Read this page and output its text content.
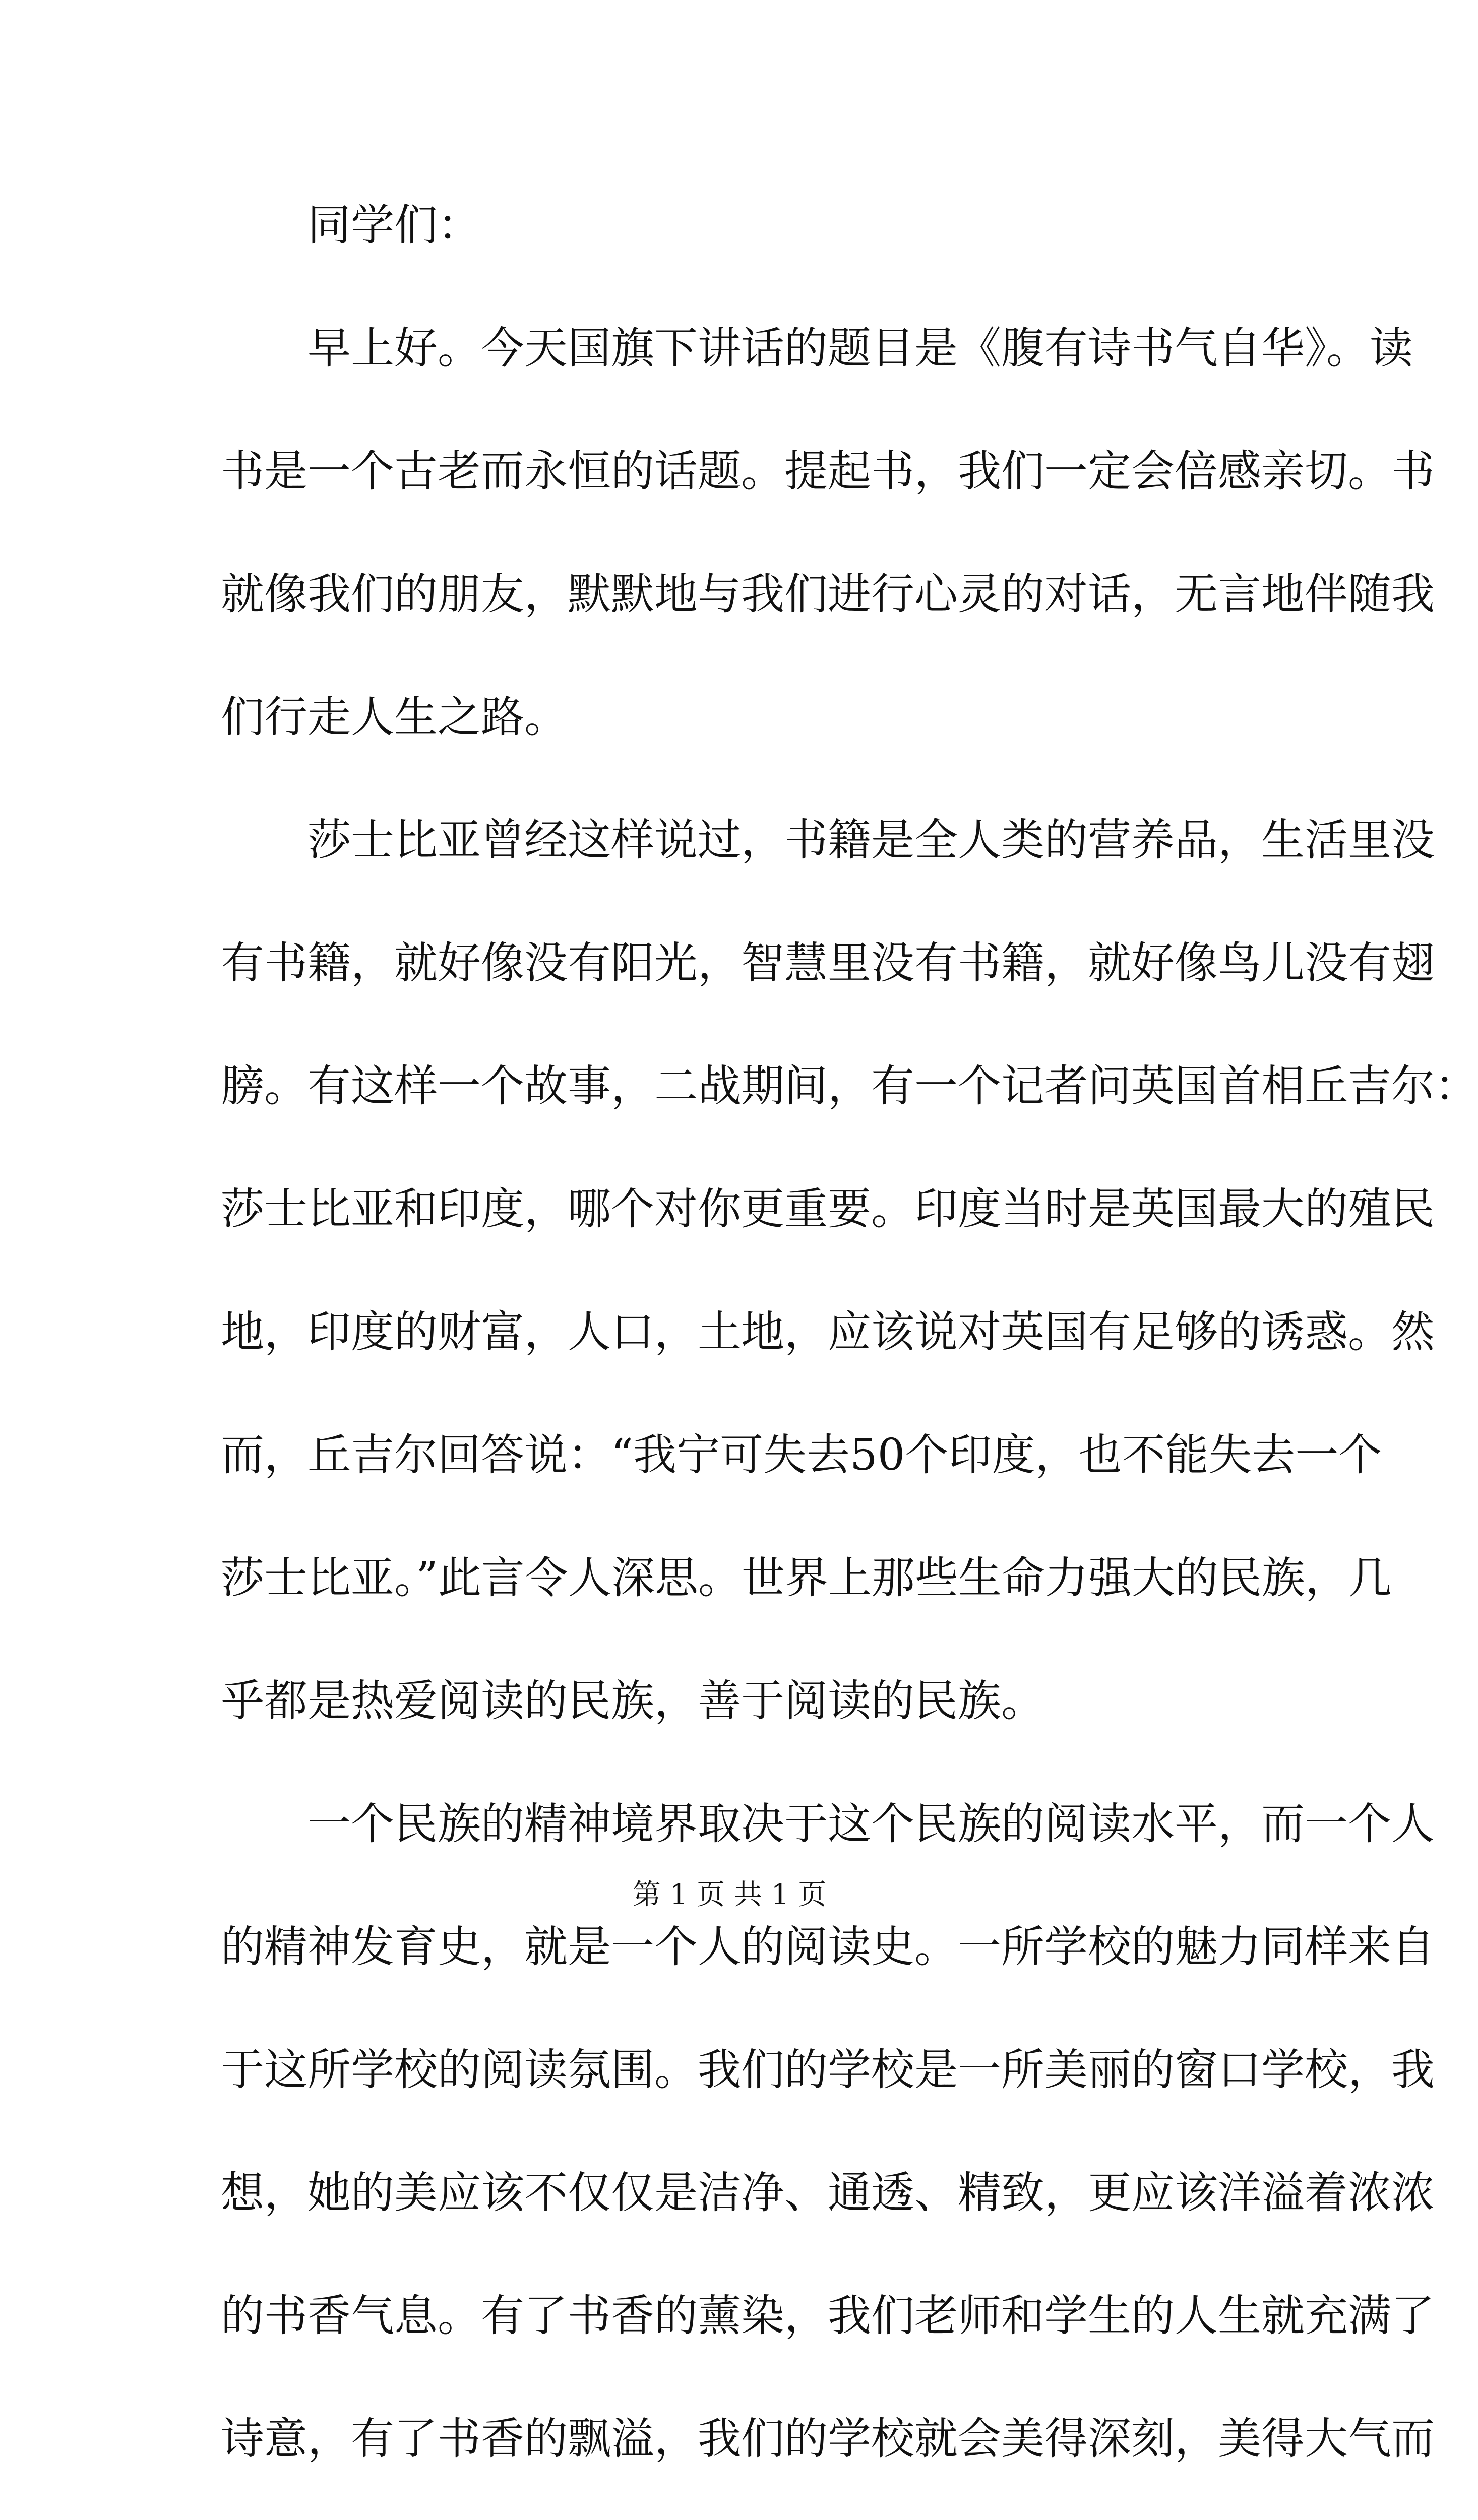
同学们：
早上好。今天国旗下讲话的题目是《腹有诗书气自华》。读
书是一个古老而永恒的话题。提起书，我们一定会倍感亲切。书
就像我们的朋友，默默地与我们进行心灵的对话，无言地伴随我
们行走人生之路。
莎士比亚曾经这样说过，书籍是全人类的营养品，生活里没
有书籍，就好像没有阳光，智慧里没有书籍，就好像鸟儿没有翅
膀。有这样一个故事，二战期间，有一个记者问英国首相丘吉尔：
莎士比亚和印度，哪个对你更重要。印度当时是英国最大的殖民
地，印度的财富，人口，土地，应该说对英国有足够的诱惑。然
而，丘吉尔回答说：“我宁可失去50个印度，也不能失去一个
莎士比亚。”此言令人深思。世界上那些生命力强大的民族，几
乎都是热爱阅读的民族，善于阅读的民族。
一个民族的精神境界取决于这个民族的阅读水平，而一个人
的精神发育史，就是一个人的阅读史。一所学校的魅力同样来自
于这所学校的阅读氛围。我们的学校是一所美丽的窗口学校，我
想，她的美应该不仅仅是洁净、通透、精致，更应该洋溢着浓浓
的书香气息。有了书香的薰染，我们老师和学生的人生就充满了
诗意，有了书香的飘溢，我们的学校就会美得深刻，美得大气而
第 1 页 共 1 页
